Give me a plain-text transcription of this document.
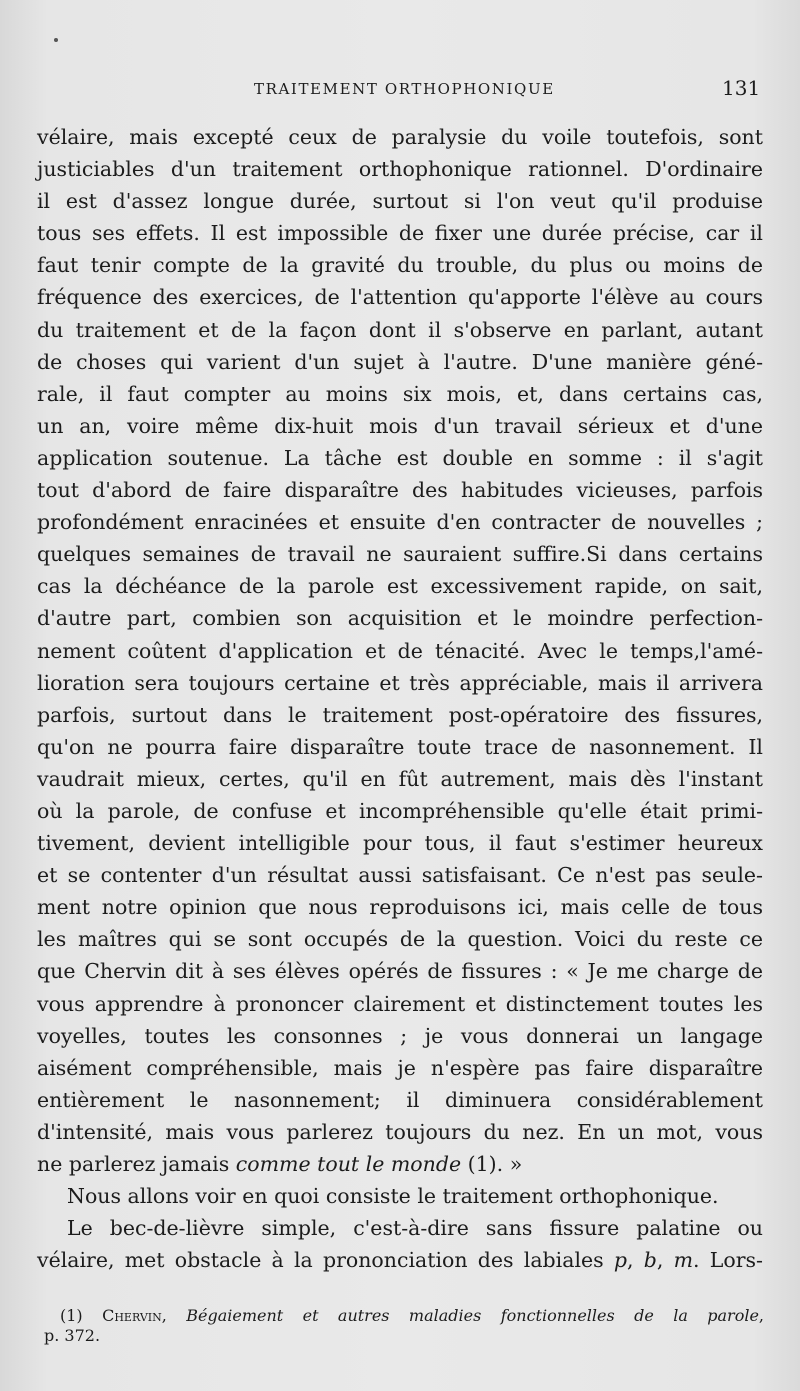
TRAITEMENT ORTHOPHONIQUE	131
vélaire, mais excepté ceux de paralysie du voile toutefois, sont
justiciables d'un traitement orthophonique rationnel. D'ordinaire
il est d'assez longue durée, surtout si l'on veut qu'il produise
tous ses effets. Il est impossible de fixer une durée précise, car il
faut tenir compte de la gravité du trouble, du plus ou moins de
fréquence des exercices, de l'attention qu'apporte l'élève au cours
du traitement et de la façon dont il s'observe en parlant, autant
de choses qui varient d'un sujet à l'autre. D'une manière géné-
rale, il faut compter au moins six mois, et, dans certains cas,
un an, voire même dix-huit mois d'un travail sérieux et d'une
application soutenue. La tâche est double en somme : il s'agit
tout d'abord de faire disparaître des habitudes vicieuses, parfois
profondément enracinées et ensuite d'en contracter de nouvelles ;
quelques semaines de travail ne sauraient suffire.Si dans certains
cas la déchéance de la parole est excessivement rapide, on sait,
d'autre part, combien son acquisition et le moindre perfection-
nement coûtent d'application et de ténacité. Avec le temps,l'amé-
lioration sera toujours certaine et très appréciable, mais il arrivera
parfois, surtout dans le traitement post-opératoire des fissures,
qu'on ne pourra faire disparaître toute trace de nasonnement. Il
vaudrait mieux, certes, qu'il en fût autrement, mais dès l'instant
où la parole, de confuse et incompréhensible qu'elle était primi-
tivement, devient intelligible pour tous, il faut s'estimer heureux
et se contenter d'un résultat aussi satisfaisant. Ce n'est pas seule-
ment notre opinion que nous reproduisons ici, mais celle de tous
les maîtres qui se sont occupés de la question. Voici du reste ce
que Chervin dit à ses élèves opérés de fissures : « Je me charge de
vous apprendre à prononcer clairement et distinctement toutes les
voyelles, toutes les consonnes ; je vous donnerai un langage
aisément compréhensible, mais je n'espère pas faire disparaître
entièrement le nasonnement; il diminuera considérablement
d'intensité, mais vous parlerez toujours du nez. En un mot, vous
ne parlerez jamais comme tout le monde (1). »
Nous allons voir en quoi consiste le traitement orthophonique.
Le bec-de-lièvre simple, c'est-à-dire sans fissure palatine ou
vélaire, met obstacle à la prononciation des labiales p, b, m. Lors-
(1) Chervin, Bégaiement et autres maladies fonctionnelles de la parole,
p. 372.
